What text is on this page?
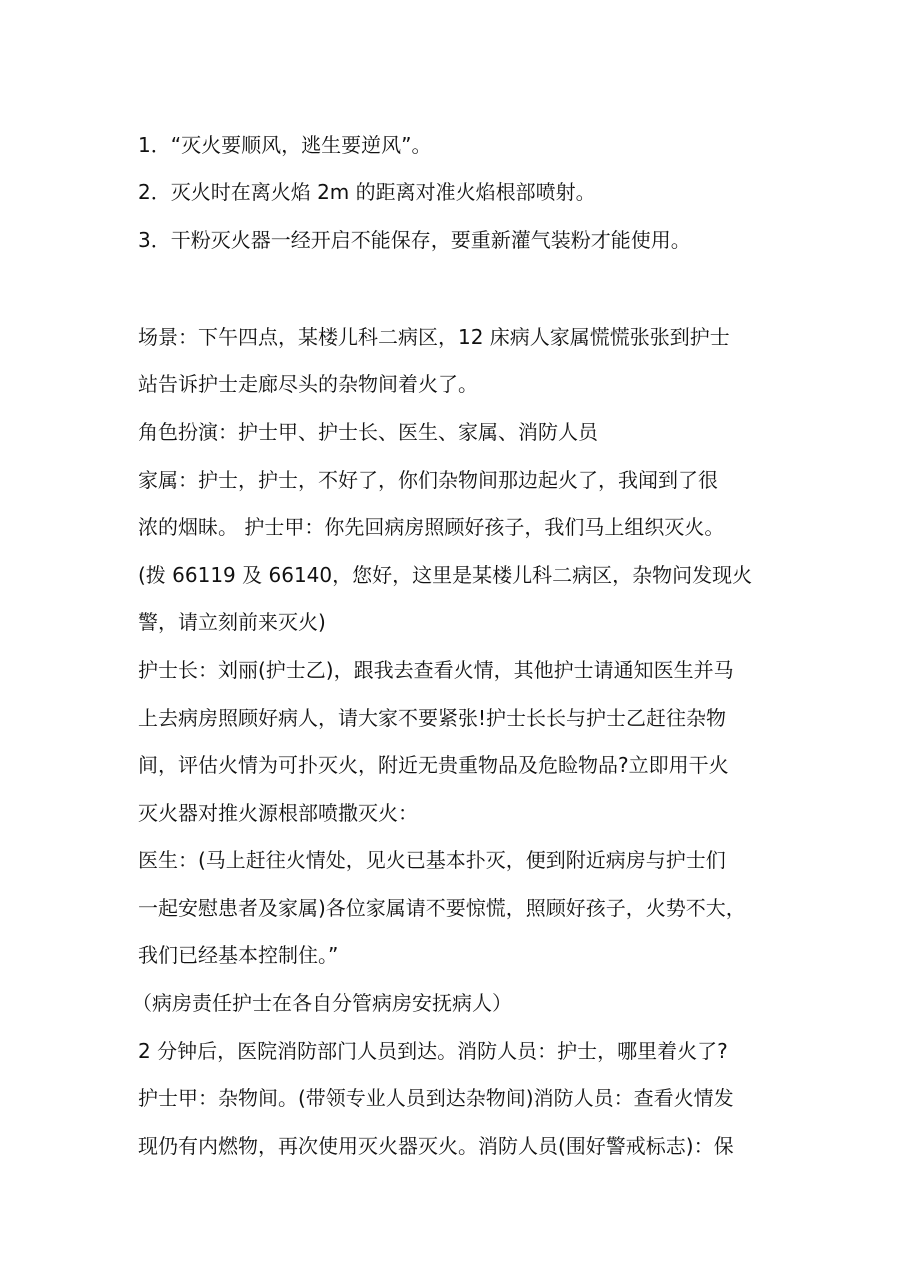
1．“灭火要顺风，逃生要逆风”。

2．灭火时在离火焰 2m 的距离对准火焰根部喷射。

3．干粉灭火器一经开启不能保存，要重新灌气装粉才能使用。

场景：下午四点，某楼儿科二病区，12 床病人家属慌慌张张到护士

站告诉护士走廊尽头的杂物间着火了。

角色扮演：护士甲、护士长、医生、家属、消防人员

家属：护士，护士，不好了，你们杂物间那边起火了，我闻到了很

浓的烟昧。 护士甲：你先回病房照顾好孩子，我们马上组织灭火。

(拨 66119 及 66140，您好，这里是某楼儿科二病区，杂物问发现火

警，请立刻前来灭火)

护士长：刘丽(护士乙)，跟我去查看火情，其他护士请通知医生并马

上去病房照顾好病人，请大家不要紧张!护士长长与护士乙赶往杂物

间，评估火情为可扑灭火，附近无贵重物品及危睑物品?立即用干火

灭火器对推火源根部喷撒灭火：

医生：(马上赶往火情处，见火已基本扑灭，便到附近病房与护士们

一起安慰患者及家属)各位家属请不要惊慌，照顾好孩子，火势不大，

我们已经基本控制住。”

（病房责任护士在各自分管病房安抚病人）

2 分钟后，医院消防部门人员到达。消防人员：护士，哪里着火了?

护士甲：杂物间。(带领专业人员到达杂物间)消防人员：查看火情发

现仍有内燃物，再次使用灭火器灭火。消防人员(围好警戒标志)：保
